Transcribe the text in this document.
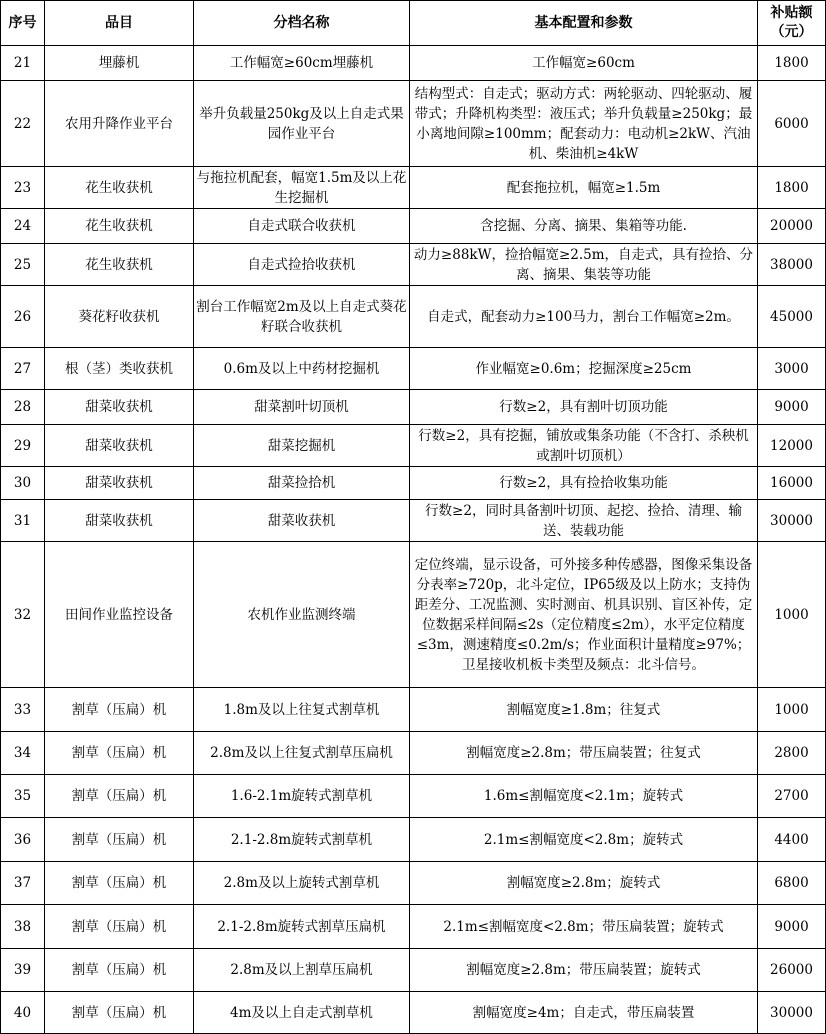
序号	品目	分档名称	基本配置和参数	补贴额
（元）
21	埋藤机	工作幅宽≥60cm埋藤机	工作幅宽≥60cm	1800
22	农用升降作业平台	举升负载量250kg及以上自走式果园作业平台	结构型式：自走式；驱动方式：两轮驱动、四轮驱动、履带式；升降机构类型：液压式；举升负载量≥250kg；最小离地间隙≥100mm；配套动力：电动机≥2kW、汽油机、柴油机≥4kW	6000
23	花生收获机	与拖拉机配套，幅宽1.5m及以上花生挖掘机	配套拖拉机，幅宽≥1.5m	1800
24	花生收获机	自走式联合收获机	含挖掘、分离、摘果、集箱等功能.	20000
25	花生收获机	自走式捡拾收获机	动力≥88kW，捡拾幅宽≥2.5m，自走式，具有捡拾、分离、摘果、集装等功能	38000
26	葵花籽收获机	割台工作幅宽2m及以上自走式葵花籽联合收获机	自走式，配套动力≥100马力，割台工作幅宽≥2m。	45000
27	根（茎）类收获机	0.6m及以上中药材挖掘机	作业幅宽≥0.6m；挖掘深度≥25cm	3000
28	甜菜收获机	甜菜割叶切顶机	行数≥2，具有割叶切顶功能	9000
29	甜菜收获机	甜菜挖掘机	行数≥2，具有挖掘，铺放或集条功能（不含打、杀秧机或割叶切顶机）	12000
30	甜菜收获机	甜菜捡拾机	行数≥2，具有捡拾收集功能	16000
31	甜菜收获机	甜菜收获机	行数≥2，同时具备割叶切顶、起挖、捡拾、清理、输送、装载功能	30000
32	田间作业监控设备	农机作业监测终端	定位终端，显示设备，可外接多种传感器，图像采集设备分表率≥720p，北斗定位，IP65级及以上防水；支持伪距差分、工况监测、实时测亩、机具识别、盲区补传，定位数据采样间隔≤2s（定位精度≤2m），水平定位精度≤3m，测速精度≤0.2m/s；作业面积计量精度≥97%；卫星接收机板卡类型及频点：北斗信号。	1000
33	割草（压扁）机	1.8m及以上往复式割草机	割幅宽度≥1.8m；往复式	1000
34	割草（压扁）机	2.8m及以上往复式割草压扁机	割幅宽度≥2.8m；带压扁装置；往复式	2800
35	割草（压扁）机	1.6-2.1m旋转式割草机	1.6m≤割幅宽度<2.1m；旋转式	2700
36	割草（压扁）机	2.1-2.8m旋转式割草机	2.1m≤割幅宽度<2.8m；旋转式	4400
37	割草（压扁）机	2.8m及以上旋转式割草机	割幅宽度≥2.8m；旋转式	6800
38	割草（压扁）机	2.1-2.8m旋转式割草压扁机	2.1m≤割幅宽度<2.8m；带压扁装置；旋转式	9000
39	割草（压扁）机	2.8m及以上割草压扁机	割幅宽度≥2.8m；带压扁装置；旋转式	26000
40	割草（压扁）机	4m及以上自走式割草机	割幅宽度≥4m；自走式，带压扁装置	30000
